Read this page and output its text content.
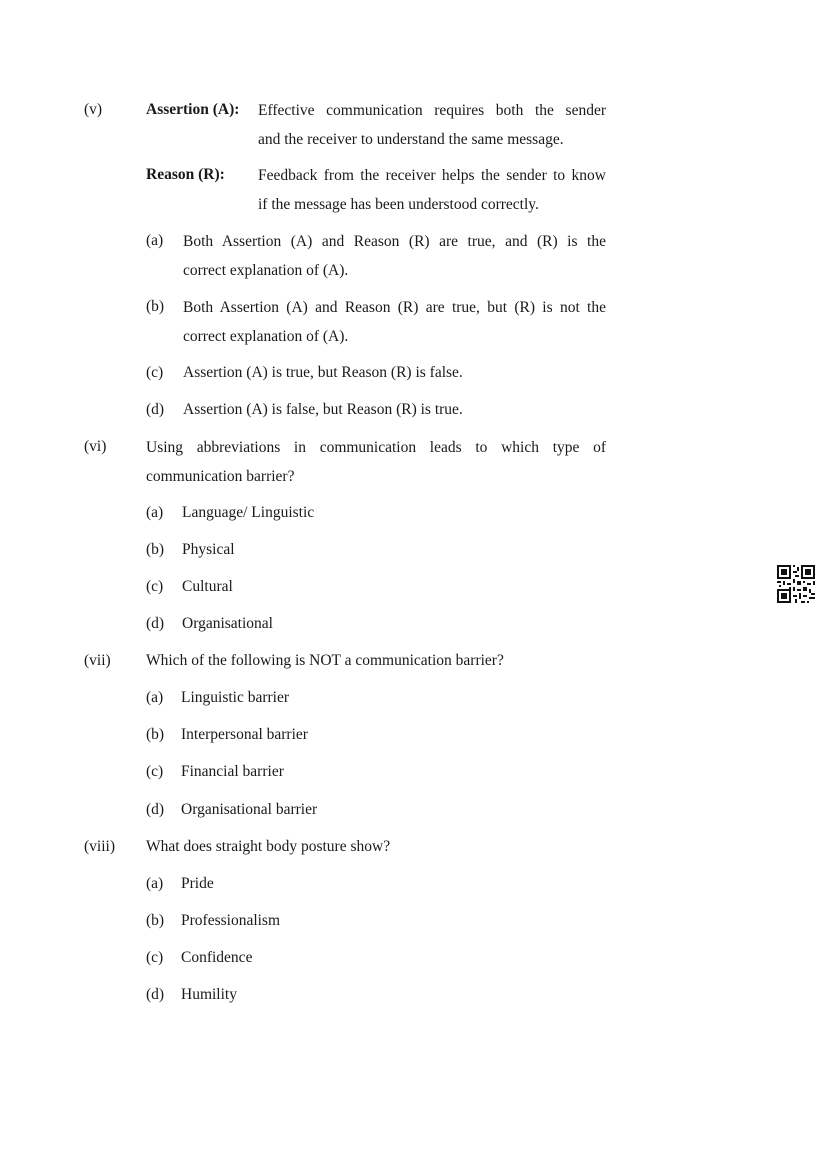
(v)	Assertion (A): Effective communication requires both the sender
and the receiver to understand the same message.
Reason (R): Feedback from the receiver helps the sender to know
if the message has been understood correctly.
(a) Both Assertion (A) and Reason (R) are true, and (R) is the
correct explanation of (A).
(b) Both Assertion (A) and Reason (R) are true, but (R) is not the
correct explanation of (A).
(c) Assertion (A) is true, but Reason (R) is false.
(d) Assertion (A) is false, but Reason (R) is true.
(vi)	Using abbreviations in communication leads to which type of
communication barrier?
(a) Language/ Linguistic
(b) Physical
(c) Cultural
(d) Organisational
(vii) Which of the following is NOT a communication barrier?
(a) Linguistic barrier
(b) Interpersonal barrier
(c) Financial barrier
(d) Organisational barrier
(viii) What does straight body posture show?
(a) Pride
(b) Professionalism
(c) Confidence
(d) Humility
